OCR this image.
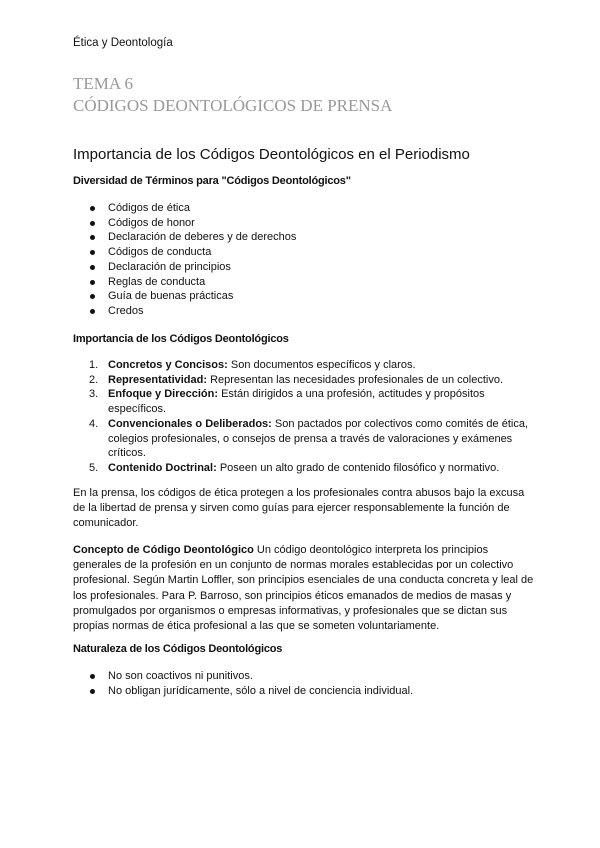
Ética y Deontología
TEMA 6
CÓDIGOS DEONTOLÓGICOS DE PRENSA
Importancia de los Códigos Deontológicos en el Periodismo
Diversidad de Términos para "Códigos Deontológicos"
Códigos de ética
Códigos de honor
Declaración de deberes y de derechos
Códigos de conducta
Declaración de principios
Reglas de conducta
Guía de buenas prácticas
Credos
Importancia de los Códigos Deontológicos
1. Concretos y Concisos: Son documentos específicos y claros.
2. Representatividad: Representan las necesidades profesionales de un colectivo.
3. Enfoque y Dirección: Están dirigidos a una profesión, actitudes y propósitos específicos.
4. Convencionales o Deliberados: Son pactados por colectivos como comités de ética, colegios profesionales, o consejos de prensa a través de valoraciones y exámenes críticos.
5. Contenido Doctrinal: Poseen un alto grado de contenido filosófico y normativo.

En la prensa, los códigos de ética protegen a los profesionales contra abusos bajo la excusa de la libertad de prensa y sirven como guías para ejercer responsablemente la función de comunicador.

Concepto de Código Deontológico Un código deontológico interpreta los principios generales de la profesión en un conjunto de normas morales establecidas por un colectivo profesional. Según Martin Loffler, son principios esenciales de una conducta concreta y leal de los profesionales. Para P. Barroso, son principios éticos emanados de medios de masas y promulgados por organismos o empresas informativas, y profesionales que se dictan sus propias normas de ética profesional a las que se someten voluntariamente.

Naturaleza de los Códigos Deontológicos
No son coactivos ni punitivos.
No obligan jurídicamente, sólo a nivel de conciencia individual.
